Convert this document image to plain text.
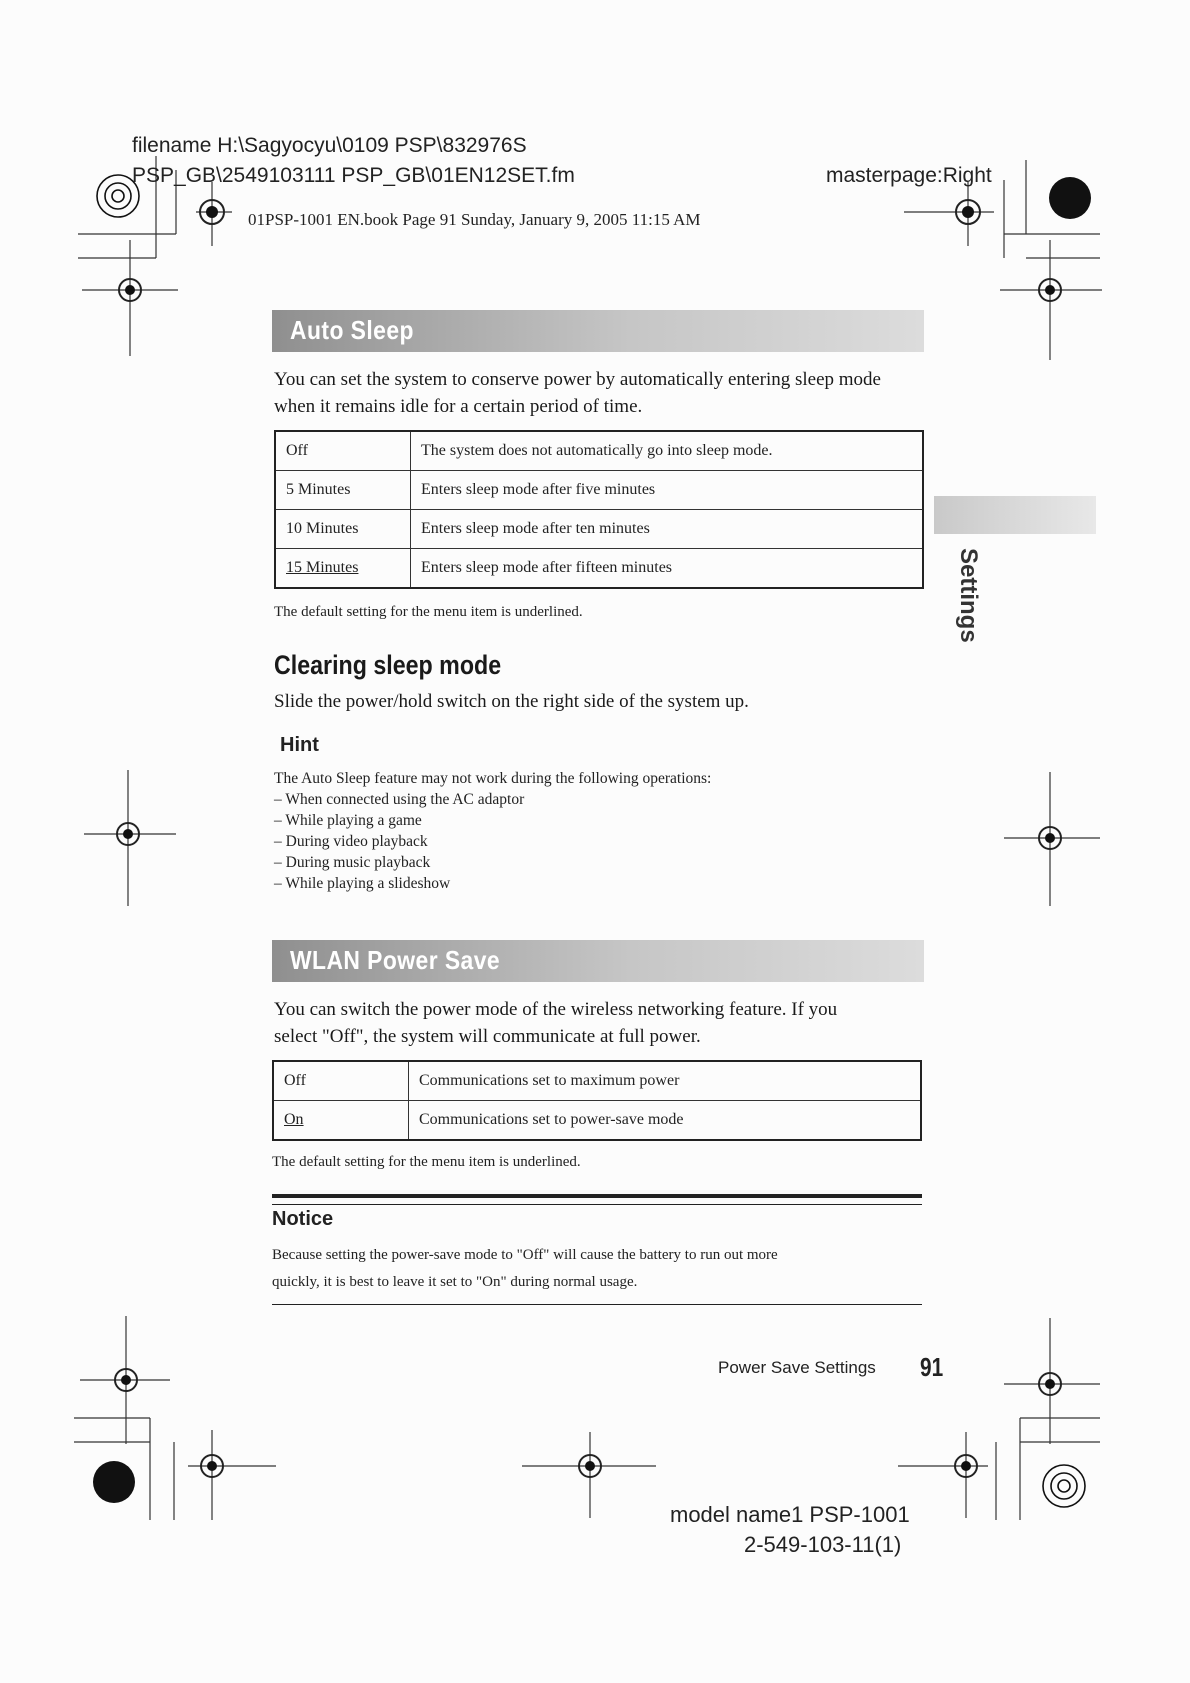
filename H:\Sagyocyu\0109 PSP\832976S
PSP_GB\2549103111 PSP_GB\01EN12SET.fm	masterpage:Right
01PSP-1001 EN.book Page 91 Sunday, January 9, 2005 11:15 AM
Auto Sleep
You can set the system to conserve power by automatically entering sleep mode
when it remains idle for a certain period of time.
Off	The system does not automatically go into sleep mode.
5 Minutes	Enters sleep mode after five minutes
10 Minutes	Enters sleep mode after ten minutes
15 Minutes	Enters sleep mode after fifteen minutes
The default setting for the menu item is underlined.	Settings
Clearing sleep mode
Slide the power/hold switch on the right side of the system up.
Hint
The Auto Sleep feature may not work during the following operations:
– When connected using the AC adaptor
– While playing a game
– During video playback
– During music playback
– While playing a slideshow
WLAN Power Save
You can switch the power mode of the wireless networking feature. If you
select "Off", the system will communicate at full power.
Off	Communications set to maximum power
On	Communications set to power-save mode
The default setting for the menu item is underlined.
Notice
Because setting the power-save mode to "Off" will cause the battery to run out more
quickly, it is best to leave it set to "On" during normal usage.
Power Save Settings 91
model name1 PSP-1001
2-549-103-11(1)
